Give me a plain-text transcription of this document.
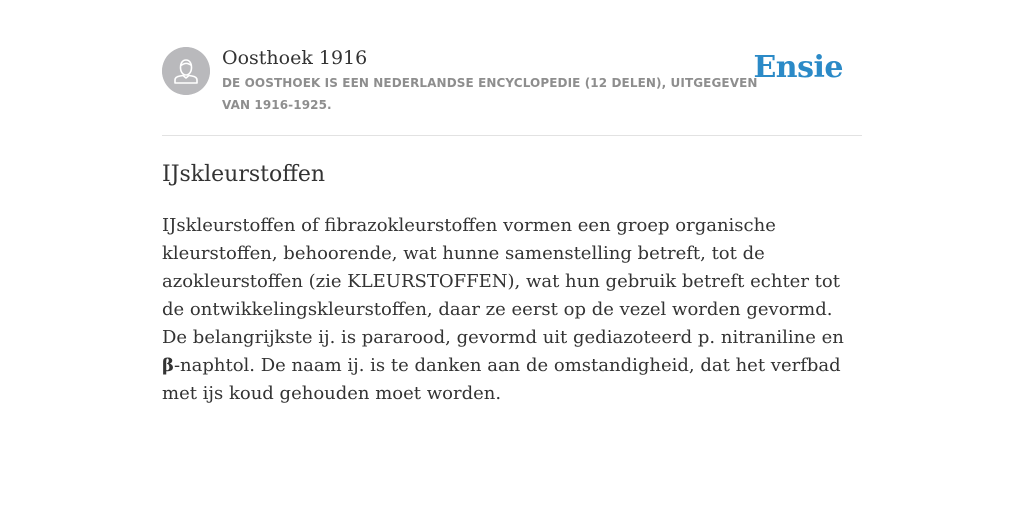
Oosthoek 1916
DE OOSTHOEK IS EEN NEDERLANDSE ENCYCLOPEDIE (12 DELEN), UITGEGEVEN VAN 1916-1925.
Ensie
IJskleurstoffen

IJskleurstoffen of fibrazokleurstoffen vormen een groep organische kleurstoffen, behoorende, wat hunne samenstelling betreft, tot de azokleurstoffen (zie KLEURSTOFFEN), wat hun gebruik betreft echter tot de ontwikkelingskleurstoffen, daar ze eerst op de vezel worden gevormd. De belangrijkste ij. is pararood, gevormd uit gediazoteerd p. nitraniline en β-naphtol. De naam ij. is te danken aan de omstandigheid, dat het verfbad met ijs koud gehouden moet worden.
